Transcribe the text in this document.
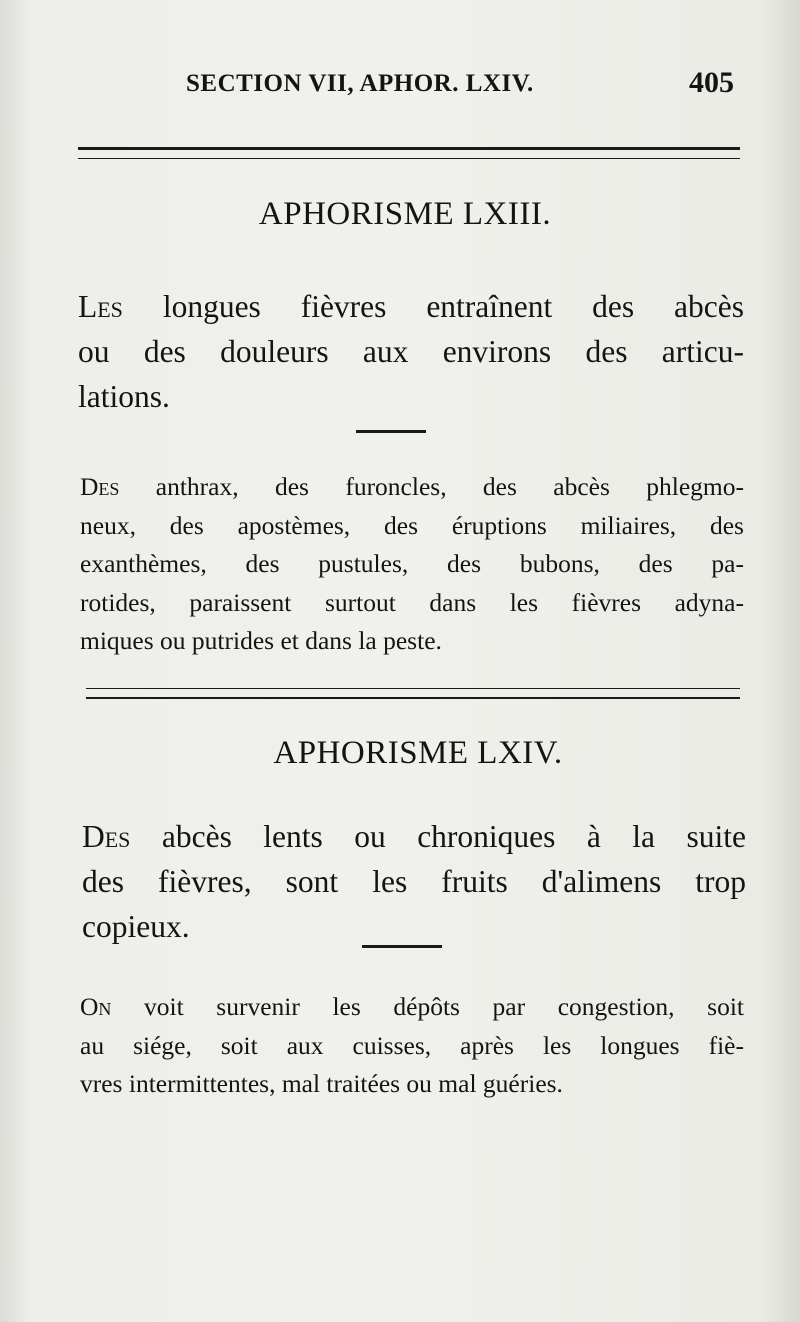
SECTION VII, APHOR. LXIV.	405
APHORISME LXIII.
Les longues fièvres entraînent des abcès
ou des douleurs aux environs des articu-
lations.
Des anthrax, des furoncles, des abcès phlegmo-
neux, des apostèmes, des éruptions miliaires, des
exanthèmes, des pustules, des bubons, des pa-
rotides, paraissent surtout dans les fièvres adyna-
miques ou putrides et dans la peste.
APHORISME LXIV.
Des abcès lents ou chroniques à la suite
des fièvres, sont les fruits d'alimens trop
copieux.
On voit survenir les dépôts par congestion, soit
au siége, soit aux cuisses, après les longues fiè-
vres intermittentes, mal traitées ou mal guéries.
